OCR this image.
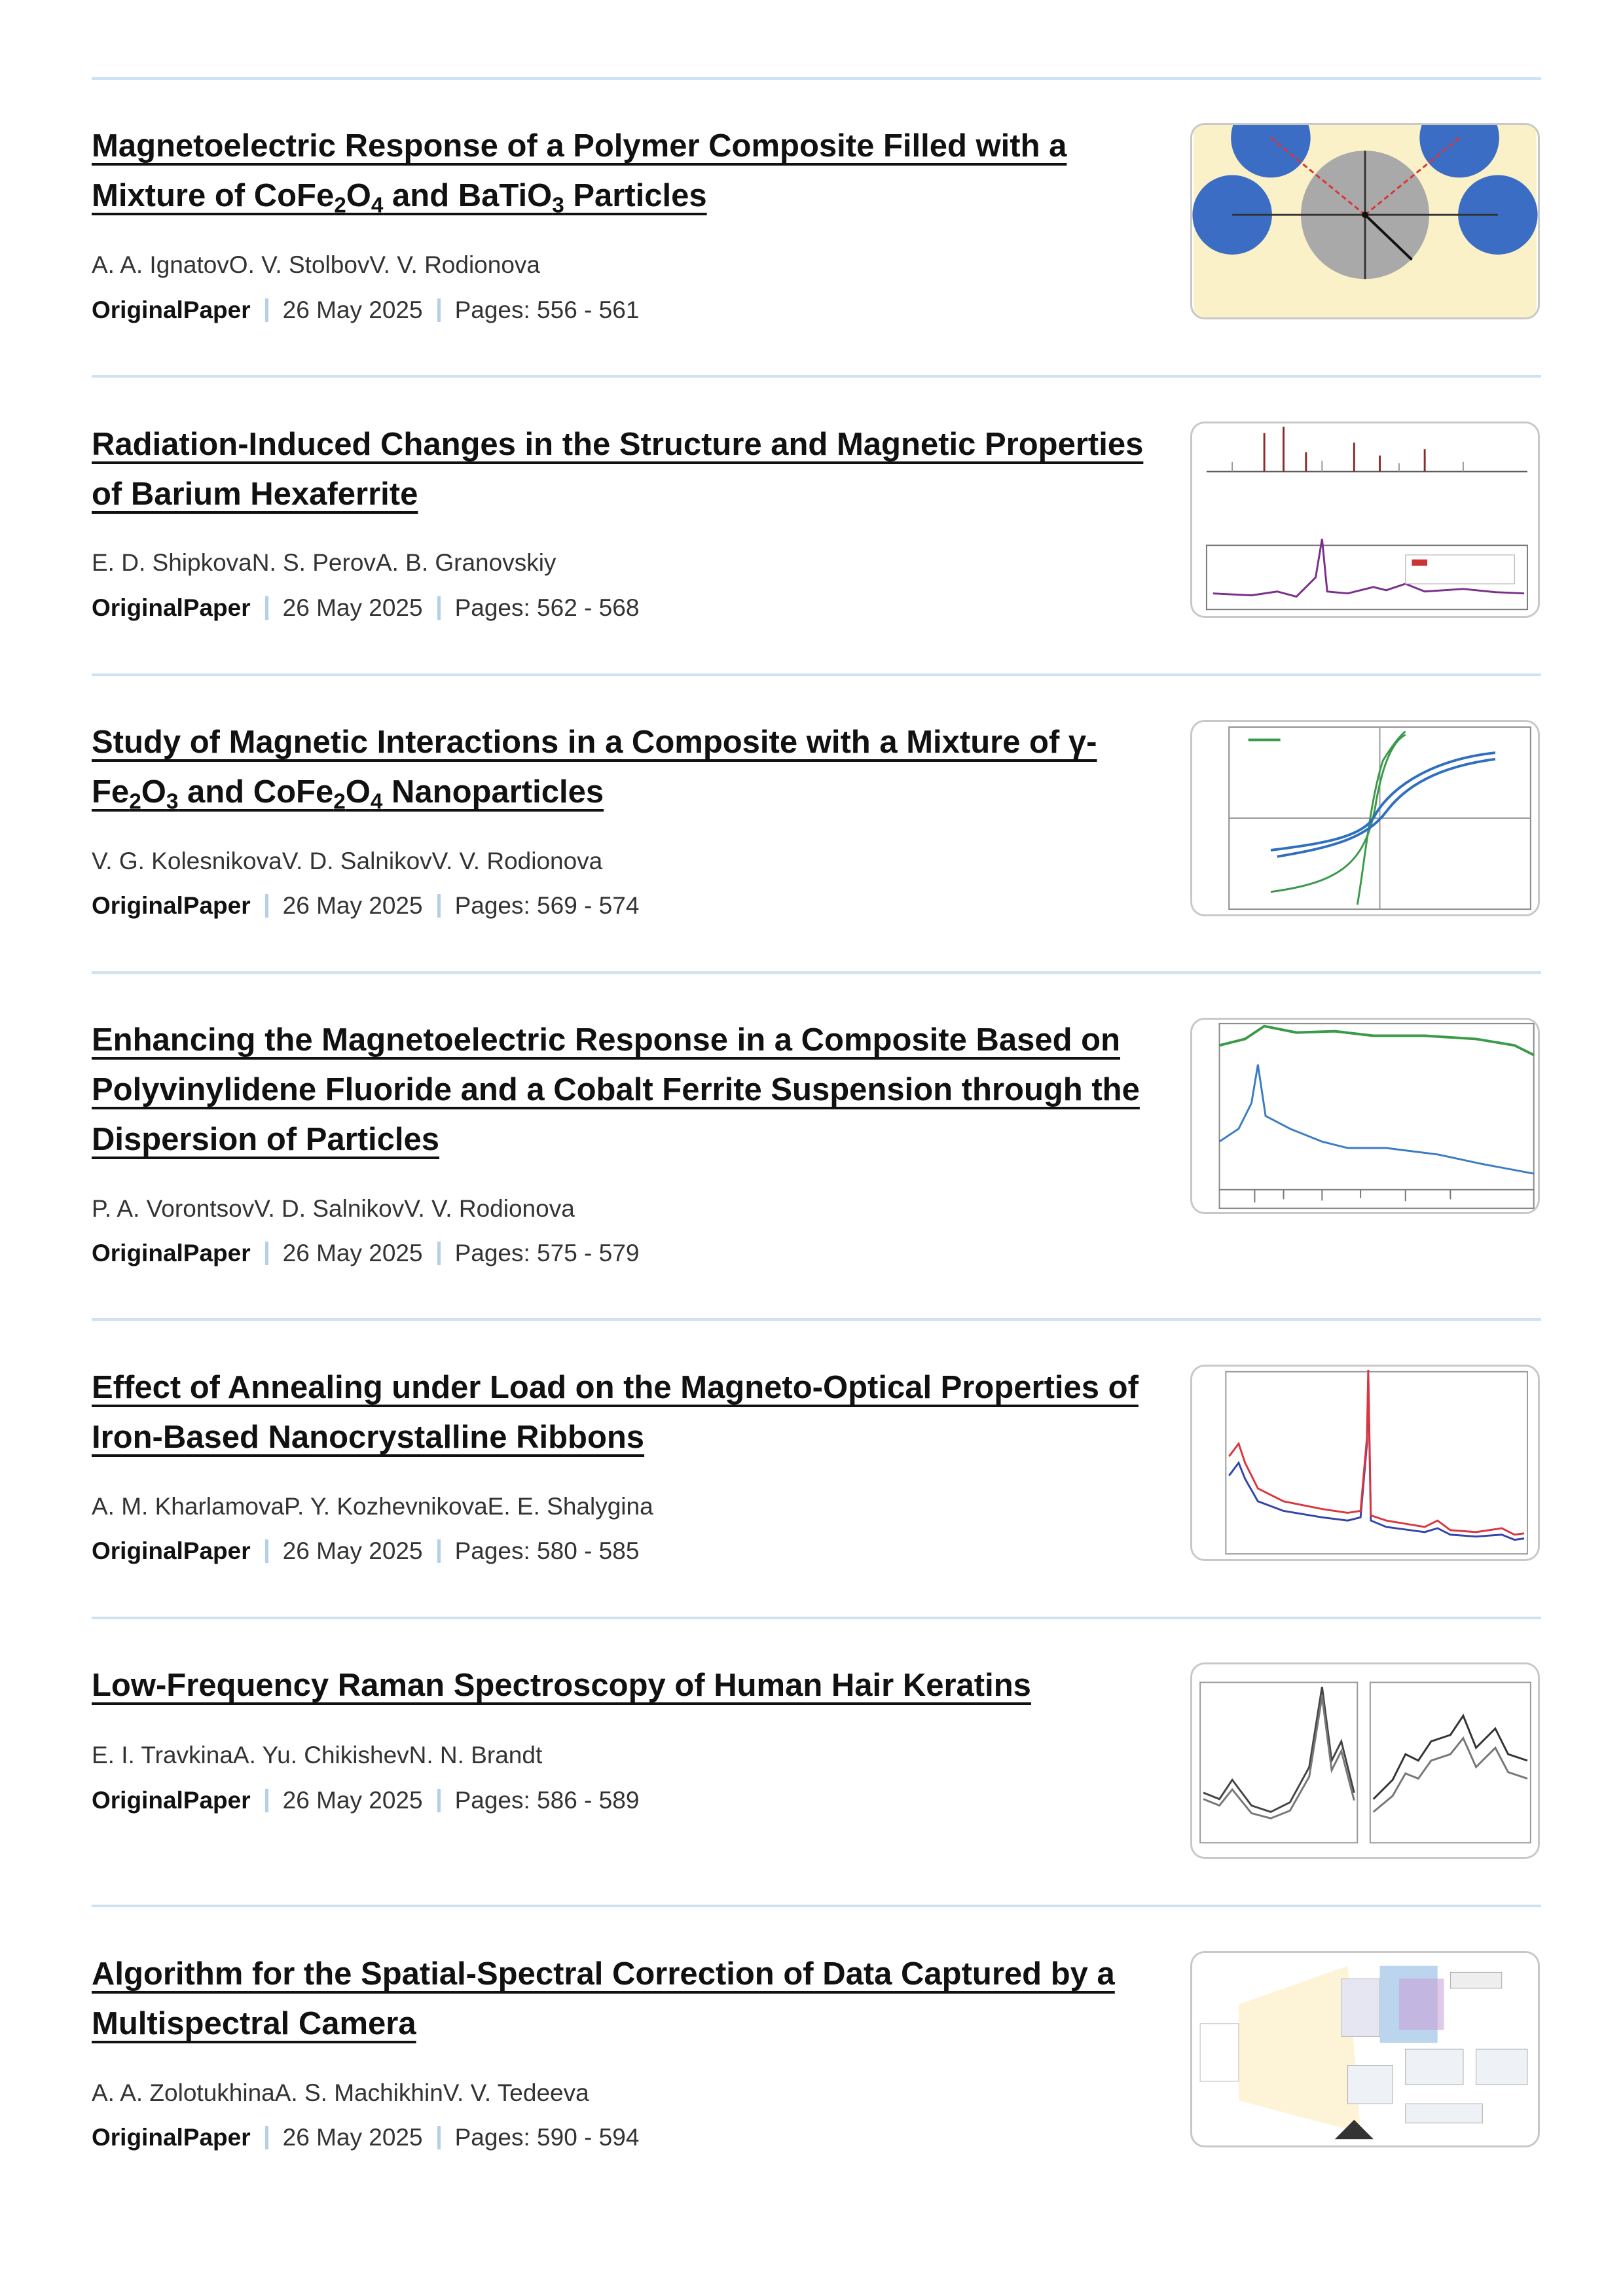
Magnetoelectric Response of a Polymer Composite Filled with a Mixture of $CoFe_2O_4$ and BaTiO$_3$ Particles
A. A. IgnatovO. V. StolbovV. V. Rodionova
OriginalPaper 26 May 2025 Pages: 556 - 561
Radiation-Induced Changes in the Structure and Magnetic Properties of Barium Hexaferrite
E. D. ShipkovaN. S. PerovA. B. Granovskiy
OriginalPaper 26 May 2025 Pages: 562 - 568
Study of Magnetic Interactions in a Composite with a Mixture of $\gamma-Fe_2O_3$ and $CoFe_2O_4$ Nanoparticles
V. G. KolesnikovaV. D. SalnikovV. V. Rodionova
OriginalPaper 26 May 2025 Pages: 569 - 574
Enhancing the Magnetoelectric Response in a Composite Based on Polyvinylidene Fluoride and a Cobalt Ferrite Suspension through the Dispersion of Particles
P. A. VorontsovV. D. SalnikovV. V. Rodionova
OriginalPaper 26 May 2025 Pages: 575 - 579
Effect of Annealing under Load on the Magneto-Optical Properties of Iron-Based Nanocrystalline Ribbons
A. M. KharlamovaP. Y. KozhevnikovaE. E. Shalygina
OriginalPaper 26 May 2025 Pages: 580 - 585
Low-Frequency Raman Spectroscopy of Human Hair Keratins
E. I. TravkinaA. Yu. ChikishevN. N. Brandt
OriginalPaper 26 May 2025 Pages: 586 - 589
Algorithm for the Spatial-Spectral Correction of Data Captured by a Multispectral Camera
A. A. ZolotukhinaA. S. MachikhinV. V. Tedeeva
OriginalPaper 26 May 2025 Pages: 590 - 594
